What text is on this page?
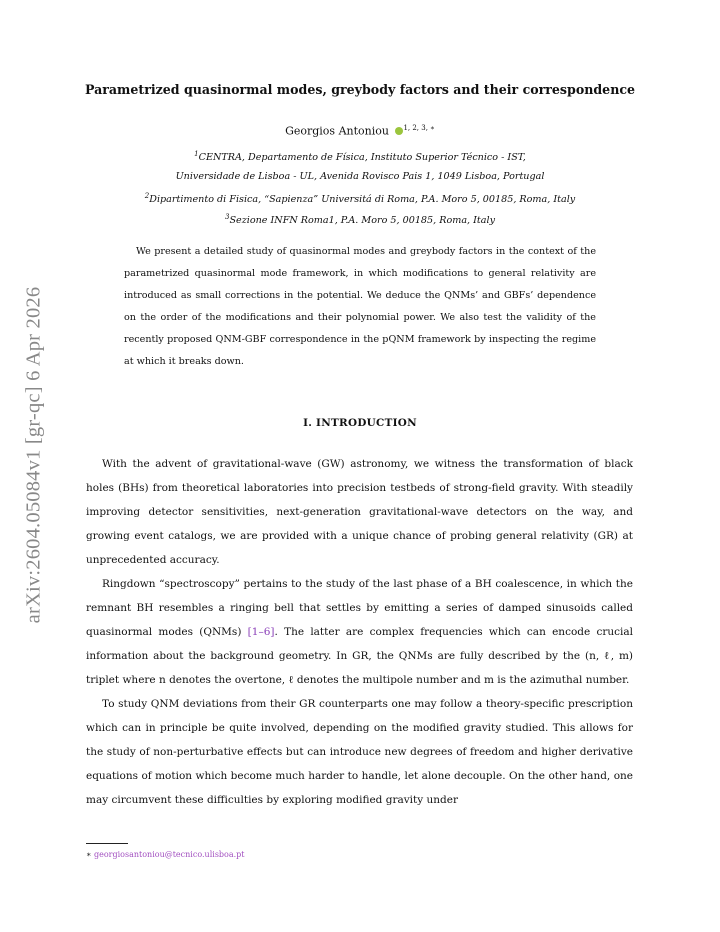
arXiv:2604.05084v1 [gr-qc] 6 Apr 2026
Parametrized quasinormal modes, greybody factors and their correspondence
Georgios Antoniou $^{1, 2, 3, ∗}$
$^1$CENTRA, Departamento de Física, Instituto Superior Técnico - IST,
Universidade de Lisboa - UL, Avenida Rovisco Pais 1, 1049 Lisboa, Portugal
$^2$Dipartimento di Fisica, “Sapienza” Universitá di Roma, P.A. Moro 5, 00185, Roma, Italy
$^3$Sezione INFN Roma1, P.A. Moro 5, 00185, Roma, Italy

We present a detailed study of quasinormal modes and greybody factors in the context of the parametrized quasinormal mode framework, in which modifications to general relativity are introduced as small corrections in the potential. We deduce the QNMs’ and GBFs’ dependence on the order of the modifications and their polynomial power. We also test the validity of the recently proposed QNM-GBF correspondence in the pQNM framework by inspecting the regime at which it breaks down.

I. INTRODUCTION

With the advent of gravitational-wave (GW) astronomy, we witness the transformation of black holes (BHs) from theoretical laboratories into precision testbeds of strong-field gravity. With steadily improving detector sensitivities, next-generation gravitational-wave detectors on the way, and growing event catalogs, we are provided with a unique chance of probing general relativity (GR) at unprecedented accuracy.

Ringdown “spectroscopy” pertains to the study of the last phase of a BH coalescence, in which the remnant BH resembles a ringing bell that settles by emitting a series of damped sinusoids called quasinormal modes (QNMs) [1–6]. The latter are complex frequencies which can encode crucial information about the background geometry. In GR, the QNMs are fully described by the (n, ℓ, m) triplet where n denotes the overtone, ℓ denotes the multipole number and m is the azimuthal number.

To study QNM deviations from their GR counterparts one may follow a theory-specific prescription which can in principle be quite involved, depending on the modified gravity studied. This allows for the study of non-perturbative effects but can introduce new degrees of freedom and higher derivative equations of motion which become much harder to handle, let alone decouple. On the other hand, one may circumvent these difficulties by exploring modified gravity under

∗ georgiosantoniou@tecnico.ulisboa.pt
